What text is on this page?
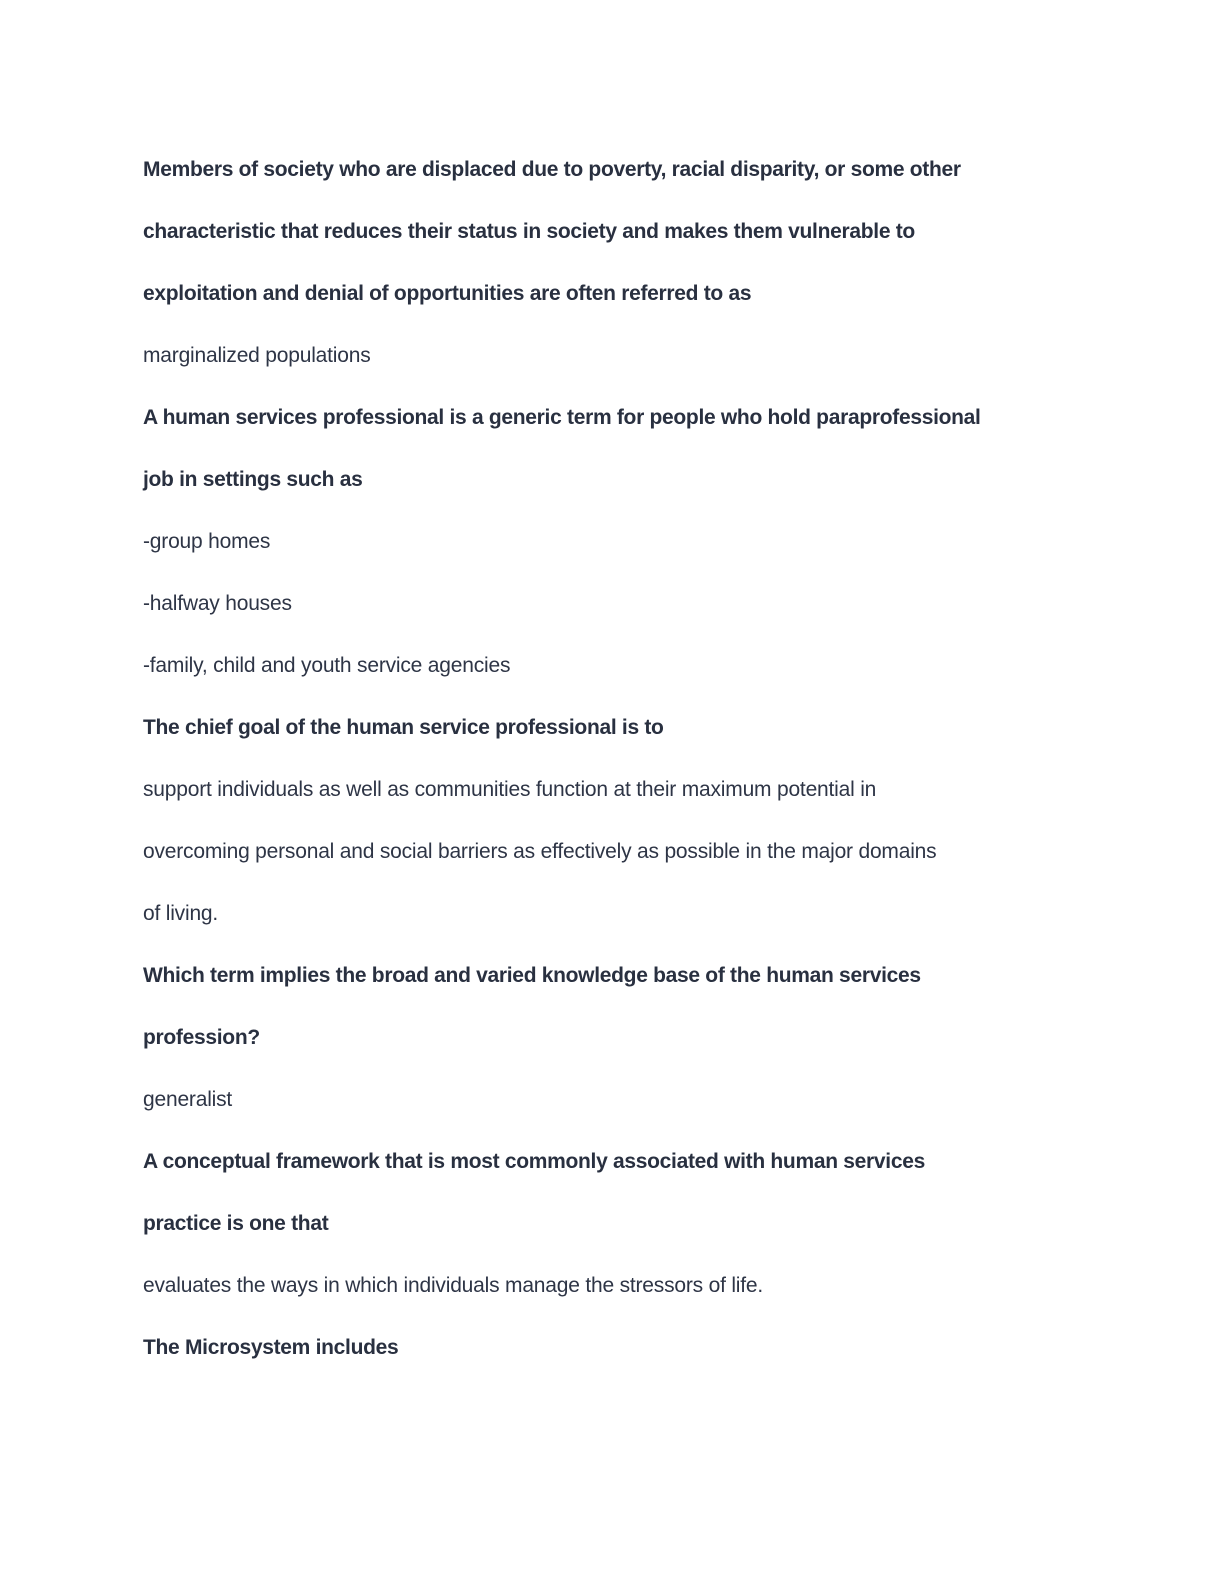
Members of society who are displaced due to poverty, racial disparity, or some other
characteristic that reduces their status in society and makes them vulnerable to
exploitation and denial of opportunities are often referred to as
marginalized populations
A human services professional is a generic term for people who hold paraprofessional
job in settings such as
-group homes
-halfway houses
-family, child and youth service agencies
The chief goal of the human service professional is to
support individuals as well as communities function at their maximum potential in
overcoming personal and social barriers as effectively as possible in the major domains
of living.
Which term implies the broad and varied knowledge base of the human services
profession?
generalist
A conceptual framework that is most commonly associated with human services
practice is one that
evaluates the ways in which individuals manage the stressors of life.
The Microsystem includes
